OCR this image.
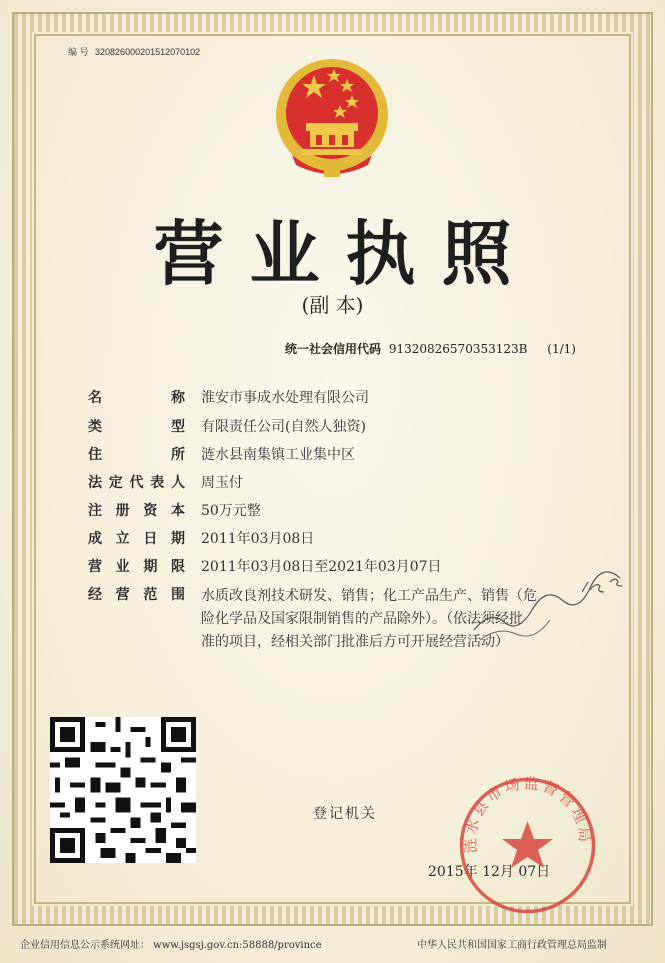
编 号 320826000201512070102
营业执照
(副 本)
统一社会信用代码 91320826570353123B (1/1)
名称 淮安市事成水处理有限公司
类型 有限责任公司(自然人独资)
住所 涟水县南集镇工业集中区
法定代表人 周玉付
注册资本 50万元整
成立日期 2011年03月08日
营业期限 2011年03月08日至2021年03月07日
经营范围 水质改良剂技术研发、销售；化工产品生产、销售（危
险化学品及国家限制销售的产品除外）。（依法须经批
准的项目，经相关部门批准后方可开展经营活动）
登记机关
2015年 12月 07日
涟水县市场监督管理局
企业信用信息公示系统网址： www.jsgsj.gov.cn:58888/province	中华人民共和国国家工商行政管理总局监制
